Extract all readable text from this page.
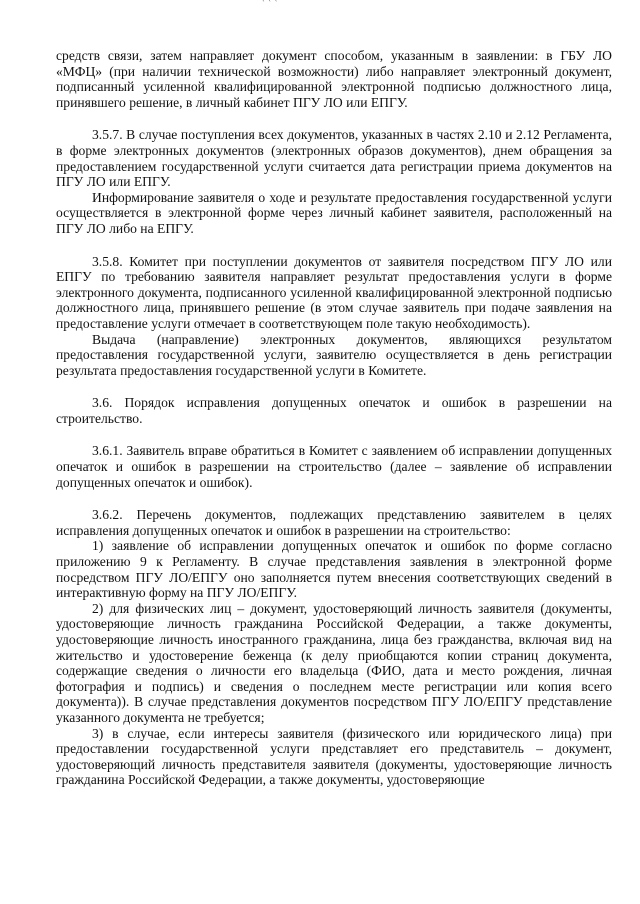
՝ ՝ ՝

средств связи, затем направляет документ способом, указанным в заявлении: в ГБУ ЛО «МФЦ» (при наличии технической возможности) либо направляет электронный документ, подписанный усиленной квалифицированной электронной подписью должностного лица, принявшего решение, в личный кабинет ПГУ ЛО или ЕПГУ.

3.5.7. В случае поступления всех документов, указанных в частях 2.10 и 2.12 Регламента, в форме электронных документов (электронных образов документов), днем обращения за предоставлением государственной услуги считается дата регистрации приема документов на ПГУ ЛО или ЕПГУ.

Информирование заявителя о ходе и результате предоставления государственной услуги осуществляется в электронной форме через личный кабинет заявителя, расположенный на ПГУ ЛО либо на ЕПГУ.

3.5.8. Комитет при поступлении документов от заявителя посредством ПГУ ЛО или ЕПГУ по требованию заявителя направляет результат предоставления услуги в форме электронного документа, подписанного усиленной квалифицированной электронной подписью должностного лица, принявшего решение (в этом случае заявитель при подаче заявления на предоставление услуги отмечает в соответствующем поле такую необходимость).

Выдача (направление) электронных документов, являющихся результатом предоставления государственной услуги, заявителю осуществляется в день регистрации результата предоставления государственной услуги в Комитете.

3.6. Порядок исправления допущенных опечаток и ошибок в разрешении на строительство.

3.6.1. Заявитель вправе обратиться в Комитет с заявлением об исправлении допущенных опечаток и ошибок в разрешении на строительство (далее – заявление об исправлении допущенных опечаток и ошибок).

3.6.2. Перечень документов, подлежащих представлению заявителем в целях исправления допущенных опечаток и ошибок в разрешении на строительство:

1) заявление об исправлении допущенных опечаток и ошибок по форме согласно приложению 9 к Регламенту. В случае представления заявления в электронной форме посредством ПГУ ЛО/ЕПГУ оно заполняется путем внесения соответствующих сведений в интерактивную форму на ПГУ ЛО/ЕПГУ.

2) для физических лиц – документ, удостоверяющий личность заявителя (документы, удостоверяющие личность гражданина Российской Федерации, а также документы, удостоверяющие личность иностранного гражданина, лица без гражданства, включая вид на жительство и удостоверение беженца (к делу приобщаются копии страниц документа, содержащие сведения о личности его владельца (ФИО, дата и место рождения, личная фотография и подпись) и сведения о последнем месте регистрации или копия всего документа)). В случае представления документов посредством ПГУ ЛО/ЕПГУ представление указанного документа не требуется;

3) в случае, если интересы заявителя (физического или юридического лица) при предоставлении государственной услуги представляет его представитель – документ, удостоверяющий личность представителя заявителя (документы, удостоверяющие личность гражданина Российской Федерации, а также документы, удостоверяющие
